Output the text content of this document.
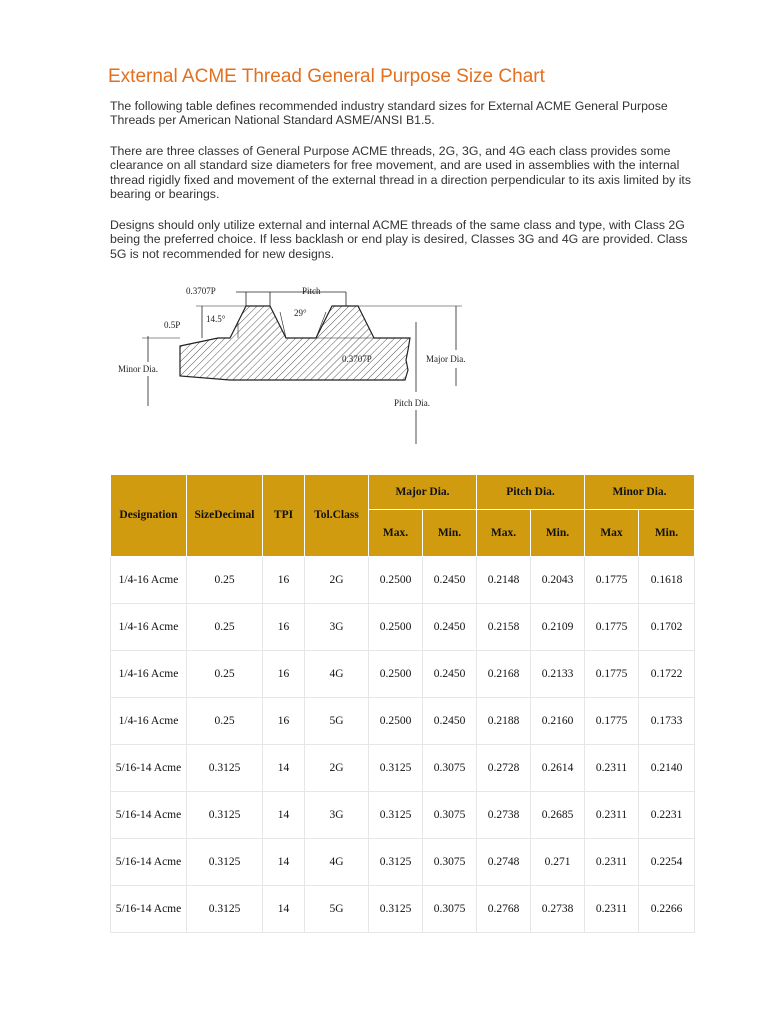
External ACME Thread General Purpose Size Chart

The following table defines recommended industry standard sizes for External ACME General Purpose Threads per American National Standard ASME/ANSI B1.5.

There are three classes of General Purpose ACME threads, 2G, 3G, and 4G each class provides some clearance on all standard size diameters for free movement, and are used in assemblies with the internal thread rigidly fixed and movement of the external thread in a direction perpendicular to its axis limited by its bearing or bearings.

Designs should only utilize external and internal ACME threads of the same class and type, with Class 2G being the preferred choice. If less backlash or end play is desired, Classes 3G and 4G are provided. Class 5G is not recommended for new designs.

0.3707P	Pitch
29°
0.5P
14.5°
0.3707P
Minor Dia.
Major Dia.
Pitch Dia.
Designation	SizeDecimal	TPI	Tol.Class	Major Dia.		Pitch Dia.		Minor Dia.	
				Max.	Min.	Max.	Min.	Max	Min.
1/4-16 Acme	0.25	16	2G	0.2500	0.2450	0.2148	0.2043	0.1775	0.1618
1/4-16 Acme	0.25	16	3G	0.2500	0.2450	0.2158	0.2109	0.1775	0.1702
1/4-16 Acme	0.25	16	4G	0.2500	0.2450	0.2168	0.2133	0.1775	0.1722
1/4-16 Acme	0.25	16	5G	0.2500	0.2450	0.2188	0.2160	0.1775	0.1733
5/16-14 Acme	0.3125	14	2G	0.3125	0.3075	0.2728	0.2614	0.2311	0.2140
5/16-14 Acme	0.3125	14	3G	0.3125	0.3075	0.2738	0.2685	0.2311	0.2231
5/16-14 Acme	0.3125	14	4G	0.3125	0.3075	0.2748	0.271	0.2311	0.2254
5/16-14 Acme	0.3125	14	5G	0.3125	0.3075	0.2768	0.2738	0.2311	0.2266
